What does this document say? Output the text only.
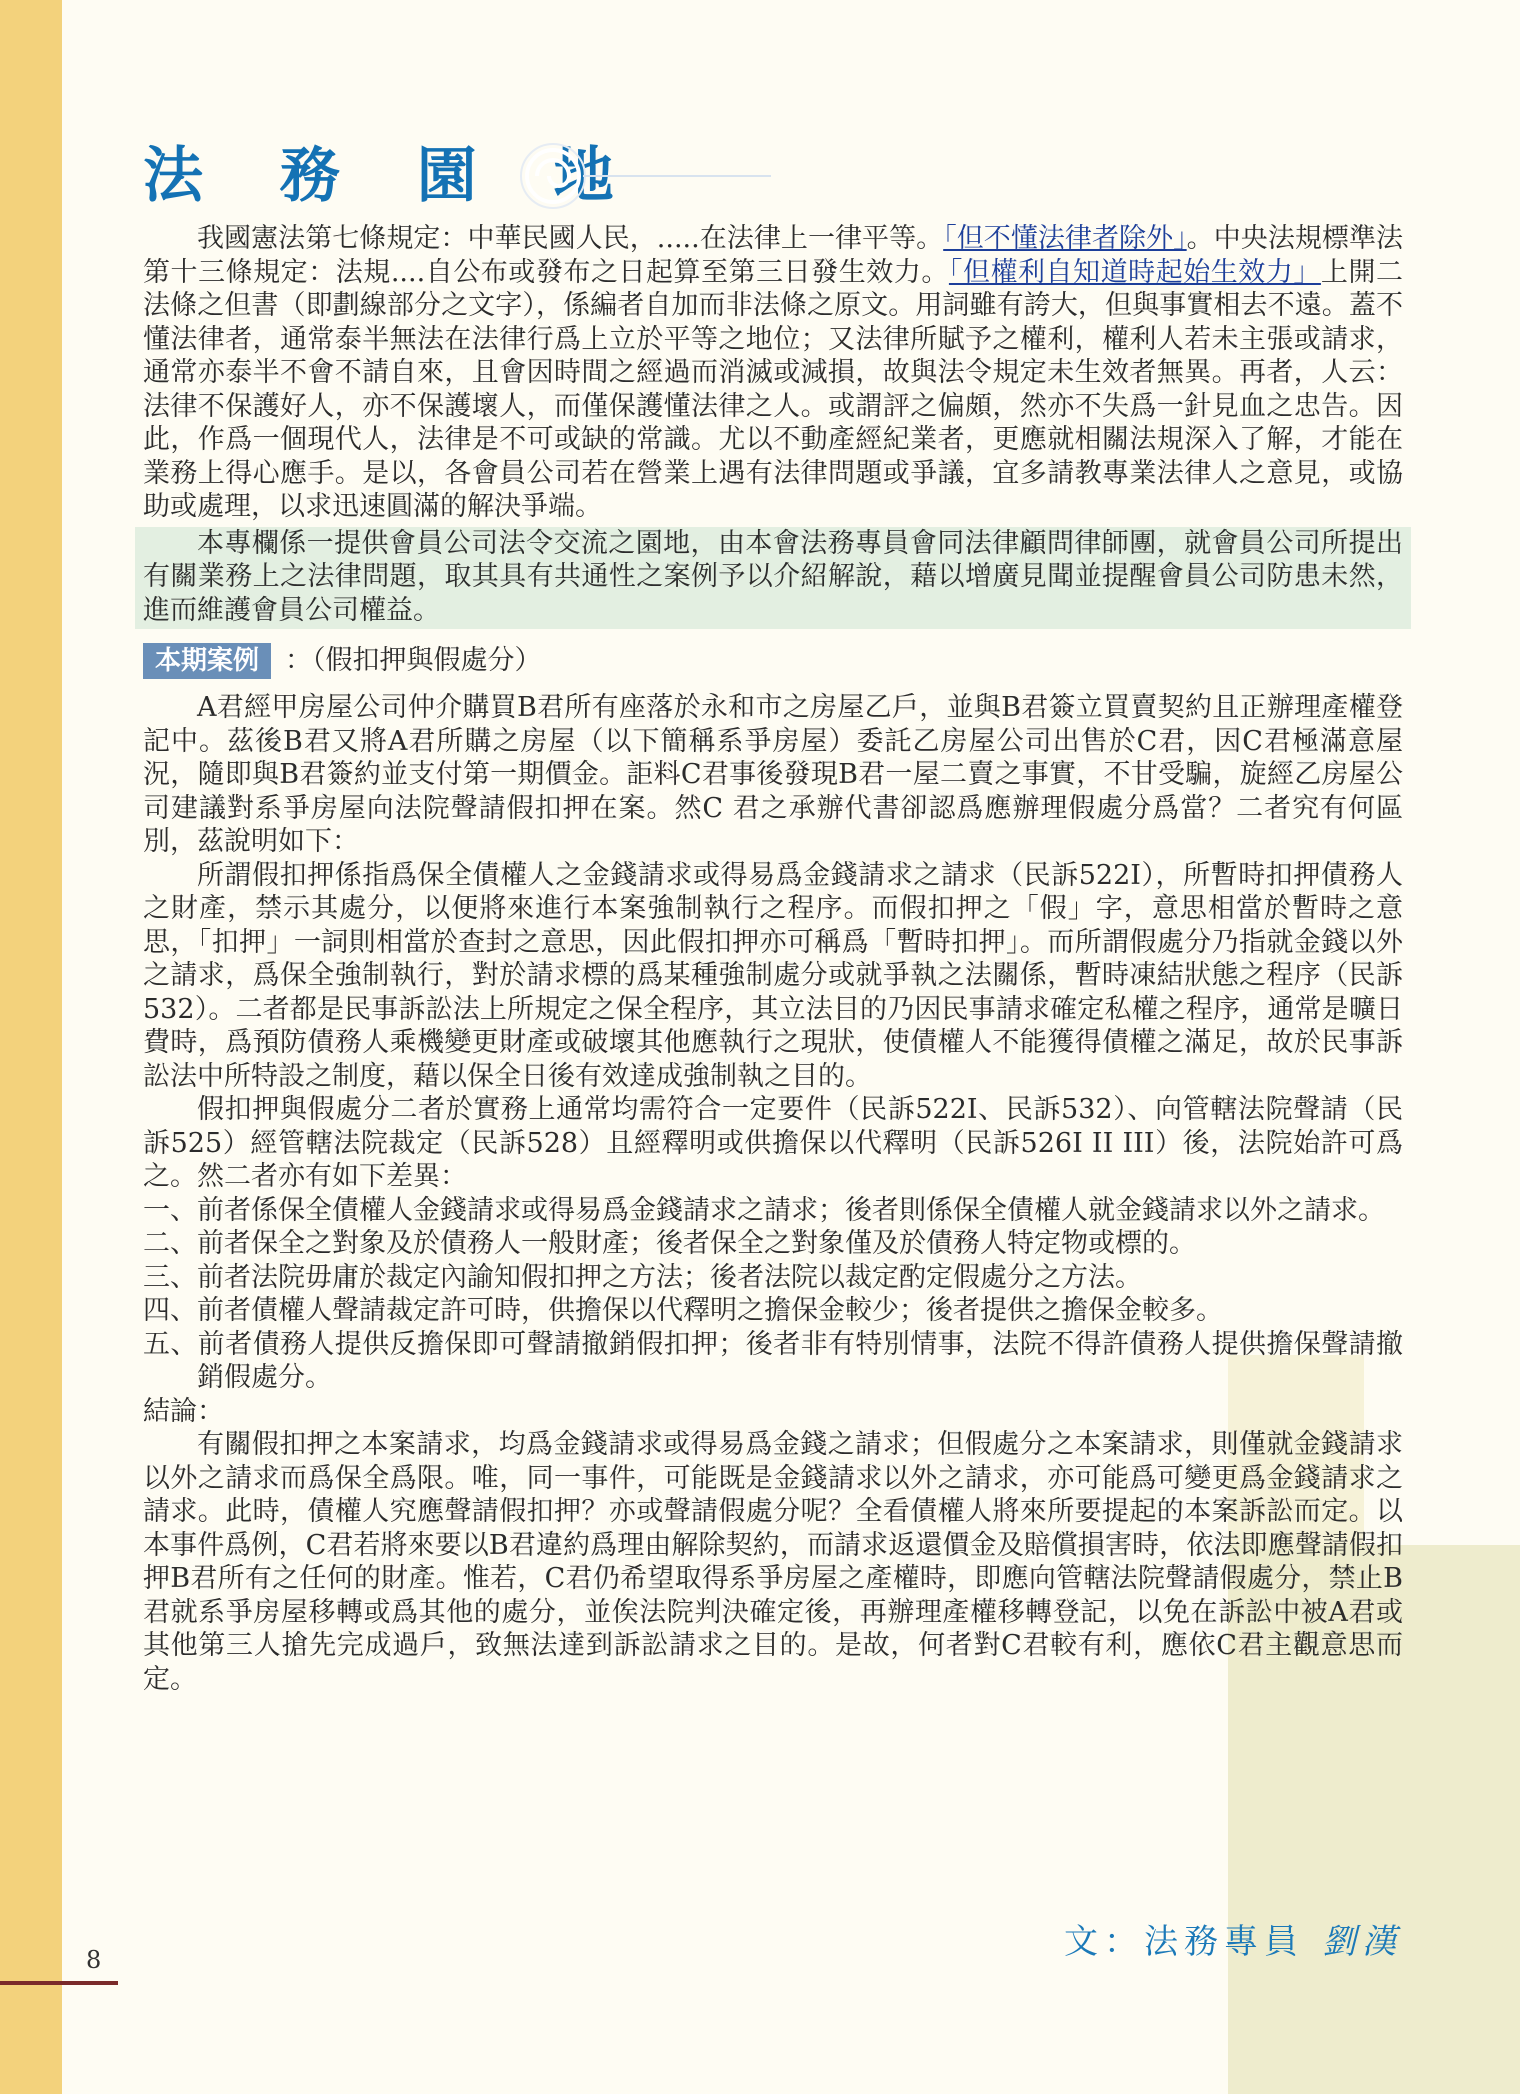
法 務 園 地

我國憲法第七條規定：中華民國人民，.....在法律上一律平等。「但不懂法律者除外」。中央法規標準法第十三條規定：法規....自公布或發布之日起算至第三日發生效力。「但權利自知道時起始生效力」上開二法條之但書（即劃線部分之文字），係編者自加而非法條之原文。用詞雖有誇大，但與事實相去不遠。蓋不懂法律者，通常泰半無法在法律行爲上立於平等之地位；又法律所賦予之權利，權利人若未主張或請求，通常亦泰半不會不請自來，且會因時間之經過而消滅或減損，故與法令規定未生效者無異。再者，人云：法律不保護好人，亦不保護壞人，而僅保護懂法律之人。或謂評之偏頗，然亦不失爲一針見血之忠告。因此，作爲一個現代人，法律是不可或缺的常識。尤以不動產經紀業者，更應就相關法規深入了解，才能在業務上得心應手。是以，各會員公司若在營業上遇有法律問題或爭議，宜多請教專業法律人之意見，或協助或處理，以求迅速圓滿的解決爭端。

本專欄係一提供會員公司法令交流之園地，由本會法務專員會同法律顧問律師團，就會員公司所提出有關業務上之法律問題，取其具有共通性之案例予以介紹解說，藉以增廣見聞並提醒會員公司防患未然，進而維護會員公司權益。

本期案例 ：（假扣押與假處分）

A君經甲房屋公司仲介購買B君所有座落於永和市之房屋乙戶，並與B君簽立買賣契約且正辦理產權登記中。茲後B君又將A君所購之房屋（以下簡稱系爭房屋）委託乙房屋公司出售於C君，因C君極滿意屋況，隨即與B君簽約並支付第一期價金。詎料C君事後發現B君一屋二賣之事實，不甘受騙，旋經乙房屋公司建議對系爭房屋向法院聲請假扣押在案。然C 君之承辦代書卻認爲應辦理假處分爲當？二者究有何區別，茲說明如下：

所謂假扣押係指爲保全債權人之金錢請求或得易爲金錢請求之請求（民訴522I），所暫時扣押債務人之財產，禁示其處分，以便將來進行本案強制執行之程序。而假扣押之「假」字，意思相當於暫時之意思，「扣押」一詞則相當於查封之意思，因此假扣押亦可稱爲「暫時扣押」。而所謂假處分乃指就金錢以外之請求，爲保全強制執行，對於請求標的爲某種強制處分或就爭執之法關係，暫時凍結狀態之程序（民訴532）。二者都是民事訴訟法上所規定之保全程序，其立法目的乃因民事請求確定私權之程序，通常是曠日費時，爲預防債務人乘機變更財產或破壞其他應執行之現狀，使債權人不能獲得債權之滿足，故於民事訴訟法中所特設之制度，藉以保全日後有效達成強制執之目的。

假扣押與假處分二者於實務上通常均需符合一定要件（民訴522I、民訴532）、向管轄法院聲請（民訴525）經管轄法院裁定（民訴528）且經釋明或供擔保以代釋明（民訴526I II III）後，法院始許可爲之。然二者亦有如下差異：

一、前者係保全債權人金錢請求或得易爲金錢請求之請求；後者則係保全債權人就金錢請求以外之請求。
二、前者保全之對象及於債務人一般財產；後者保全之對象僅及於債務人特定物或標的。
三、前者法院毋庸於裁定內諭知假扣押之方法；後者法院以裁定酌定假處分之方法。
四、前者債權人聲請裁定許可時，供擔保以代釋明之擔保金較少；後者提供之擔保金較多。
五、前者債務人提供反擔保即可聲請撤銷假扣押；後者非有特別情事，法院不得許債務人提供擔保聲請撤銷假處分。

結論：

有關假扣押之本案請求，均爲金錢請求或得易爲金錢之請求；但假處分之本案請求，則僅就金錢請求以外之請求而爲保全爲限。唯，同一事件，可能既是金錢請求以外之請求，亦可能爲可變更爲金錢請求之請求。此時，債權人究應聲請假扣押？亦或聲請假處分呢？全看債權人將來所要提起的本案訴訟而定。以本事件爲例，C君若將來要以B君違約爲理由解除契約，而請求返還價金及賠償損害時，依法即應聲請假扣押B君所有之任何的財產。惟若，C君仍希望取得系爭房屋之產權時，即應向管轄法院聲請假處分，禁止B君就系爭房屋移轉或爲其他的處分，並俟法院判決確定後，再辦理產權移轉登記，以免在訴訟中被A君或其他第三人搶先完成過戶，致無法達到訴訟請求之目的。是故，何者對C君較有利，應依C君主觀意思而定。

文：法務專員 劉漢
8
